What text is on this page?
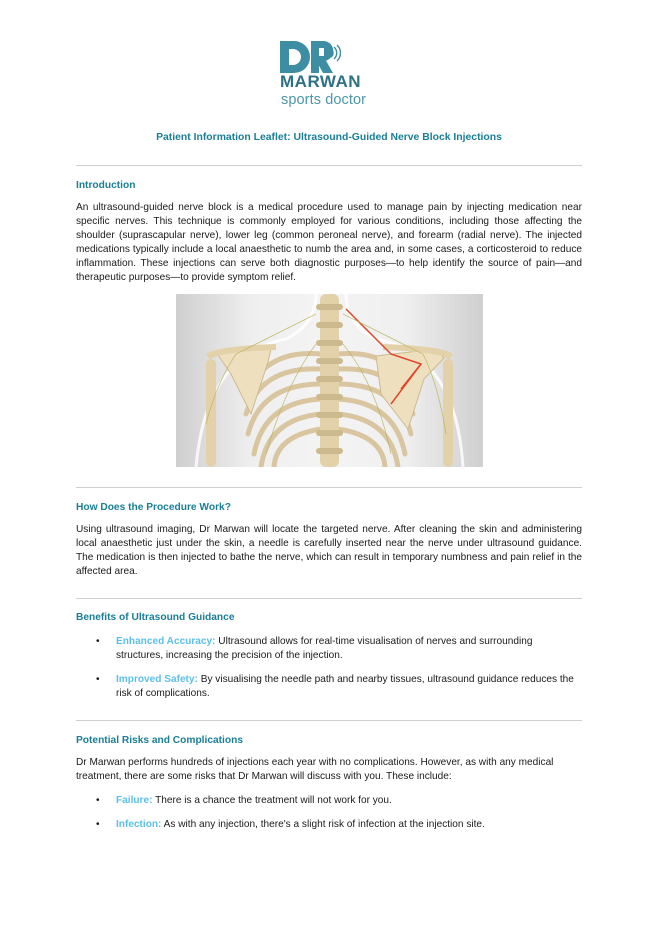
MARWAN
sports doctor
Patient Information Leaflet: Ultrasound-Guided Nerve Block Injections
Introduction
An ultrasound-guided nerve block is a medical procedure used to manage pain by injecting medication near specific nerves. This technique is commonly employed for various conditions, including those affecting the shoulder (suprascapular nerve), lower leg (common peroneal nerve), and forearm (radial nerve). The injected medications typically include a local anaesthetic to numb the area and, in some cases, a corticosteroid to reduce inflammation. These injections can serve both diagnostic purposes—to help identify the source of pain—and therapeutic purposes—to provide symptom relief.
How Does the Procedure Work?
Using ultrasound imaging, Dr Marwan will locate the targeted nerve. After cleaning the skin and administering local anaesthetic just under the skin, a needle is carefully inserted near the nerve under ultrasound guidance. The medication is then injected to bathe the nerve, which can result in temporary numbness and pain relief in the affected area.
Benefits of Ultrasound Guidance
• Enhanced Accuracy: Ultrasound allows for real-time visualisation of nerves and surrounding structures, increasing the precision of the injection.
• Improved Safety: By visualising the needle path and nearby tissues, ultrasound guidance reduces the risk of complications.
Potential Risks and Complications
Dr Marwan performs hundreds of injections each year with no complications. However, as with any medical treatment, there are some risks that Dr Marwan will discuss with you. These include:
• Failure: There is a chance the treatment will not work for you.
• Infection: As with any injection, there's a slight risk of infection at the injection site.
